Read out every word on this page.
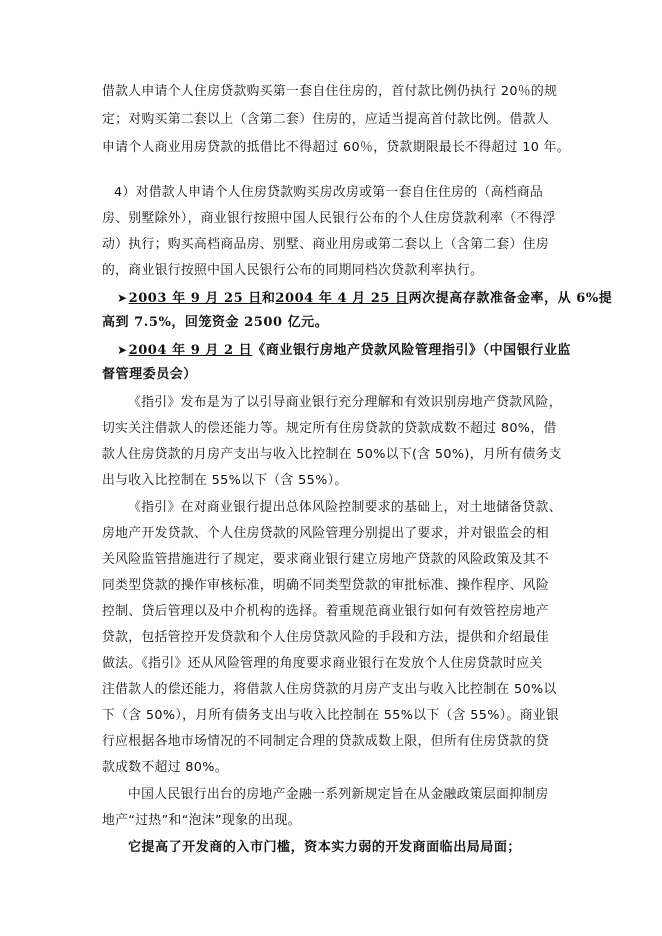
借款人申请个人住房贷款购买第一套自住住房的，首付款比例仍执行 20％的规
定；对购买第二套以上（含第二套）住房的，应适当提高首付款比例。借款人
申请个人商业用房贷款的抵借比不得超过 60％，贷款期限最长不得超过 10 年。
4）对借款人申请个人住房贷款购买房改房或第一套自住住房的（高档商品
房、别墅除外），商业银行按照中国人民银行公布的个人住房贷款利率（不得浮
动）执行；购买高档商品房、别墅、商业用房或第二套以上（含第二套）住房
的，商业银行按照中国人民银行公布的同期同档次贷款利率执行。
➤2003 年 9 月 25 日和2004 年 4 月 25 日两次提高存款准备金率，从 6%提
高到 7.5%，回笼资金 2500 亿元。
➤2004 年 9 月 2 日《商业银行房地产贷款风险管理指引》（中国银行业监
督管理委员会）
《指引》发布是为了以引导商业银行充分理解和有效识别房地产贷款风险，
切实关注借款人的偿还能力等。规定所有住房贷款的贷款成数不超过 80%，借
款人住房贷款的月房产支出与收入比控制在 50%以下(含 50%)，月所有债务支
出与收入比控制在 55%以下（含 55%）。
《指引》在对商业银行提出总体风险控制要求的基础上，对土地储备贷款、
房地产开发贷款、个人住房贷款的风险管理分别提出了要求，并对银监会的相
关风险监管措施进行了规定，要求商业银行建立房地产贷款的风险政策及其不
同类型贷款的操作审核标准，明确不同类型贷款的审批标准、操作程序、风险
控制、贷后管理以及中介机构的选择。着重规范商业银行如何有效管控房地产
贷款，包括管控开发贷款和个人住房贷款风险的手段和方法，提供和介绍最佳
做法。《指引》还从风险管理的角度要求商业银行在发放个人住房贷款时应关
注借款人的偿还能力，将借款人住房贷款的月房产支出与收入比控制在 50%以
下（含 50%），月所有债务支出与收入比控制在 55%以下（含 55%）。商业银
行应根据各地市场情况的不同制定合理的贷款成数上限，但所有住房贷款的贷
款成数不超过 80%。
中国人民银行出台的房地产金融一系列新规定旨在从金融政策层面抑制房
地产“过热”和“泡沫”现象的出现。
它提高了开发商的入市门槛，资本实力弱的开发商面临出局局面；
